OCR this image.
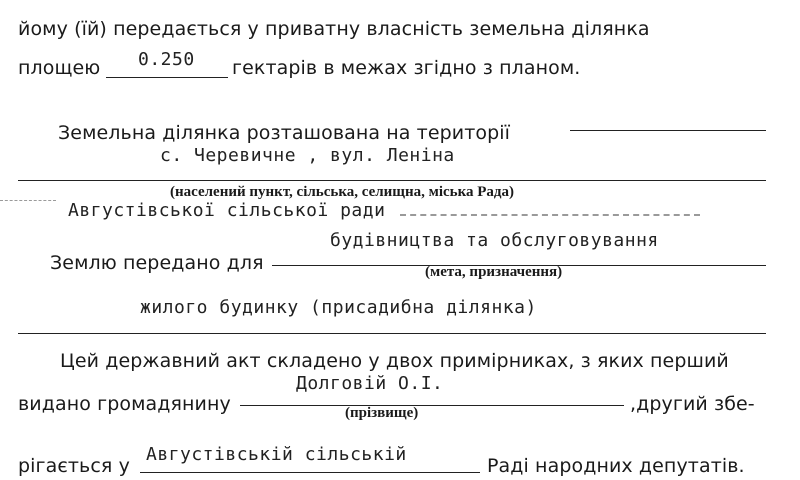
йому (їй) передається у приватну власність земельна ділянка
площею 0.250 гектарів в межах згідно з планом.
Земельна ділянка розташована на території
с. Черевичне , вул. Леніна
(населений пункт, сільська, селищна, міська Рада)
Августівської сільської ради
будівництва та обслуговування
Землю передано для	(мета, призначення)
жилого будинку (присадибна ділянка)
Цей державний акт складено у двох примірниках, з яких перший
Долговій О.І.
видано громадянину	,другий збе-
(прізвище)
рігається у
Августівській сільській
Раді народних депутатів.
